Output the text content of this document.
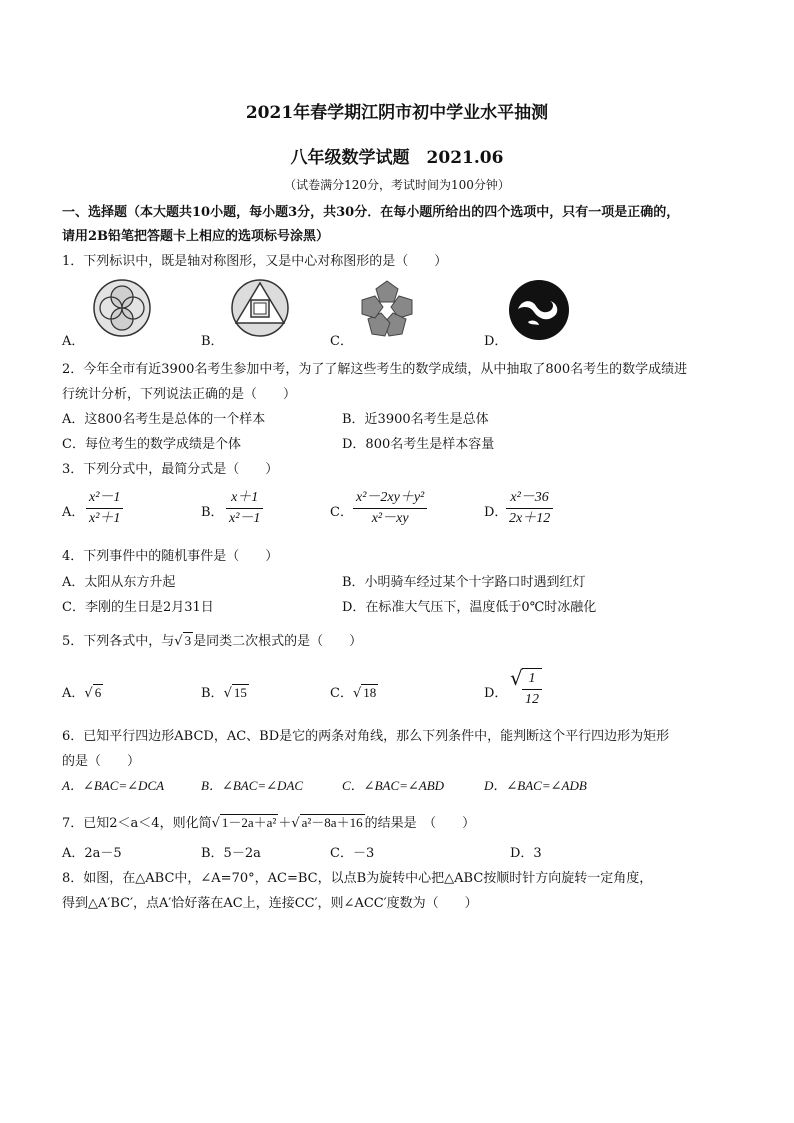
2021年春学期江阴市初中学业水平抽测
八年级数学试题　2021.06
（试卷满分120分，考试时间为100分钟）
一、选择题（本大题共10小题，每小题3分，共30分．在每小题所给出的四个选项中，只有一项是正确的，
请用2B铅笔把答题卡上相应的选项标号涂黑）
1．下列标识中，既是轴对称图形，又是中心对称图形的是（　　）
A．	B．	C．	D．
2．今年全市有近3900名考生参加中考，为了了解这些考生的数学成绩，从中抽取了800名考生的数学成绩进
行统计分析，下列说法正确的是（　　）
A．这800名考生是总体的一个样本	B．近3900名考生是总体
C．每位考生的数学成绩是个体	D．800名考生是样本容量
3．下列分式中，最简分式是（　　）
A． $\frac{\text{x²－1}}{\text{x²＋1}}$	B． $\frac{x+1}{\text{x²－1}}$	C． $\frac{\text{x²－2xy＋y²}}{\text{x²－xy}}$	D．
$\frac{\text{x²－36}}{2x+12}$
4．下列事件中的随机事件是（　　）
A．太阳从东方升起	B．小明骑车经过某个十字路口时遇到红灯
C．李刚的生日是2月31日	D．在标准大气压下，温度低于0℃时冰融化
5．下列各式中，与√ 3 是同类二次根式的是（　　）
A．√ 6	B．√ 15	C．√ 18	D．
√ $\frac{1}{12}$
6．已知平行四边形ABCD，AC、BD是它的两条对角线，那么下列条件中，能判断这个平行四边形为矩形
的是（　　）
A．∠BAC=∠DCA	B．∠BAC=∠DAC	C．∠BAC=∠ABD	D．∠BAC=∠ADB
7．已知2＜a＜4，则化简√ 1－2a＋a² ＋√ a²－8a＋16 的结果是　（　　）
A．2a－5	B．5－2a	C．－3	D．3
8．如图，在△ABC中，∠A=70°，AC=BC，以点B为旋转中心把△ABC按顺时针方向旋转一定角度，
得到△A′BC′，点A′恰好落在AC上，连接CC′，则∠ACC′度数为（　　）
